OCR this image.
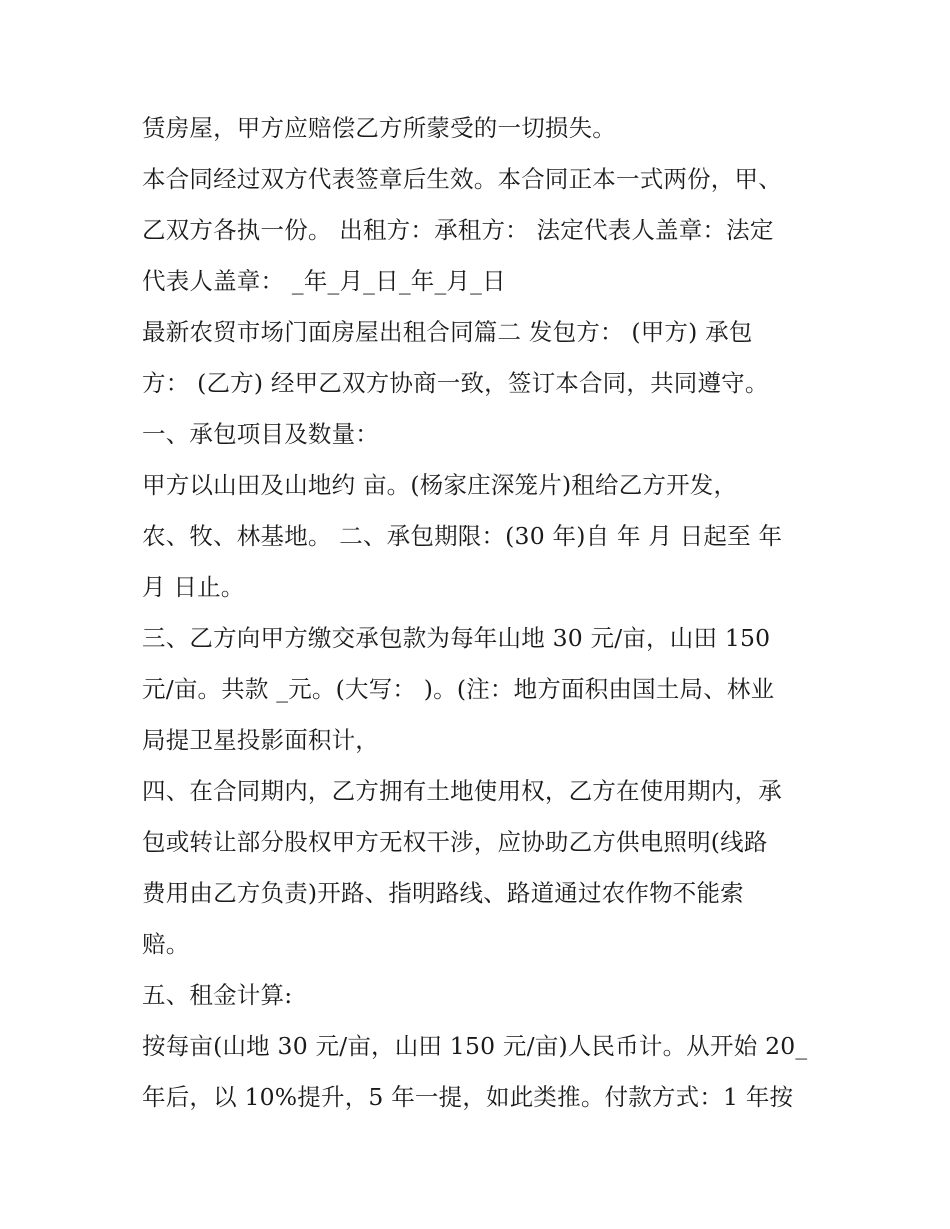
赁房屋，甲方应赔偿乙方所蒙受的一切损失。
本合同经过双方代表签章后生效。本合同正本一式两份，甲、
乙双方各执一份。 出租方：承租方： 法定代表人盖章：法定
代表人盖章： _年_月_日_年_月_日
最新农贸市场门面房屋出租合同篇二 发包方： (甲方) 承包
方： (乙方) 经甲乙双方协商一致，签订本合同，共同遵守。
一、承包项目及数量：
甲方以山田及山地约 亩。(杨家庄深笼片)租给乙方开发，
农、牧、林基地。 二、承包期限：(30 年)自 年 月 日起至 年
月 日止。
三、乙方向甲方缴交承包款为每年山地 30 元/亩，山田 150
元/亩。共款 _元。(大写： )。(注：地方面积由国土局、林业
局提卫星投影面积计，
四、在合同期内，乙方拥有土地使用权，乙方在使用期内，承
包或转让部分股权甲方无权干涉，应协助乙方供电照明(线路
费用由乙方负责)开路、指明路线、路道通过农作物不能索
赔。
五、租金计算:
按每亩(山地 30 元/亩，山田 150 元/亩)人民币计。从开始 20_
年后，以 10%提升，5 年一提，如此类推。付款方式：1 年按
